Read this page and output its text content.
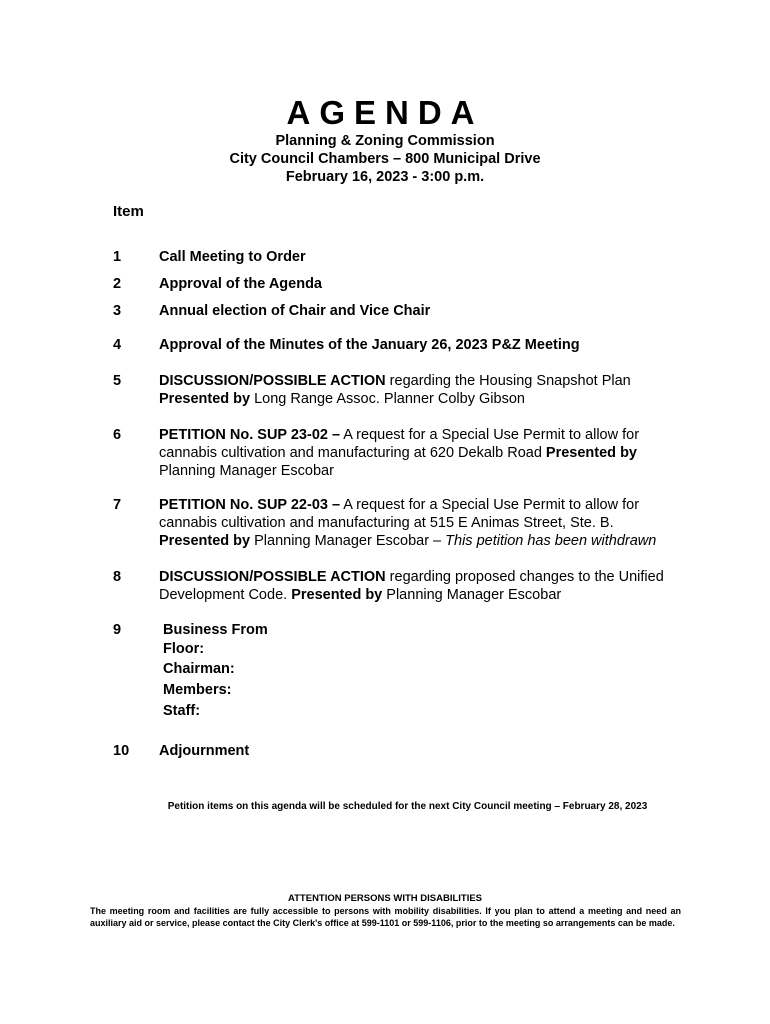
AGENDA

Planning & Zoning Commission

City Council Chambers – 800 Municipal Drive

February 16, 2023 - 3:00 p.m.

Item

1	Call Meeting to Order
2	Approval of the Agenda
3	Annual election of Chair and Vice Chair
4	Approval of the Minutes of the January 26, 2023 P&Z Meeting
5	DISCUSSION/POSSIBLE ACTION regarding the Housing Snapshot Plan
Presented by Long Range Assoc. Planner Colby Gibson
6	PETITION No. SUP 23-02 – A request for a Special Use Permit to allow for
cannabis cultivation and manufacturing at 620 Dekalb Road Presented by
Planning Manager Escobar
7	PETITION No. SUP 22-03 – A request for a Special Use Permit to allow for
cannabis cultivation and manufacturing at 515 E Animas Street, Ste. B.
Presented by Planning Manager Escobar – This petition has been withdrawn
8	DISCUSSION/POSSIBLE ACTION regarding proposed changes to the Unified
Development Code. Presented by Planning Manager Escobar
9	Business From
Floor:
Chairman:
Members:
Staff:
10 Adjournment

Petition items on this agenda will be scheduled for the next City Council meeting – February 28, 2023

ATTENTION PERSONS WITH DISABILITIES

The meeting room and facilities are fully accessible to persons with mobility disabilities. If you plan to attend a meeting and need an auxiliary aid or service, please contact the City Clerk's office at 599-1101 or 599-1106, prior to the meeting so arrangements can be made.
